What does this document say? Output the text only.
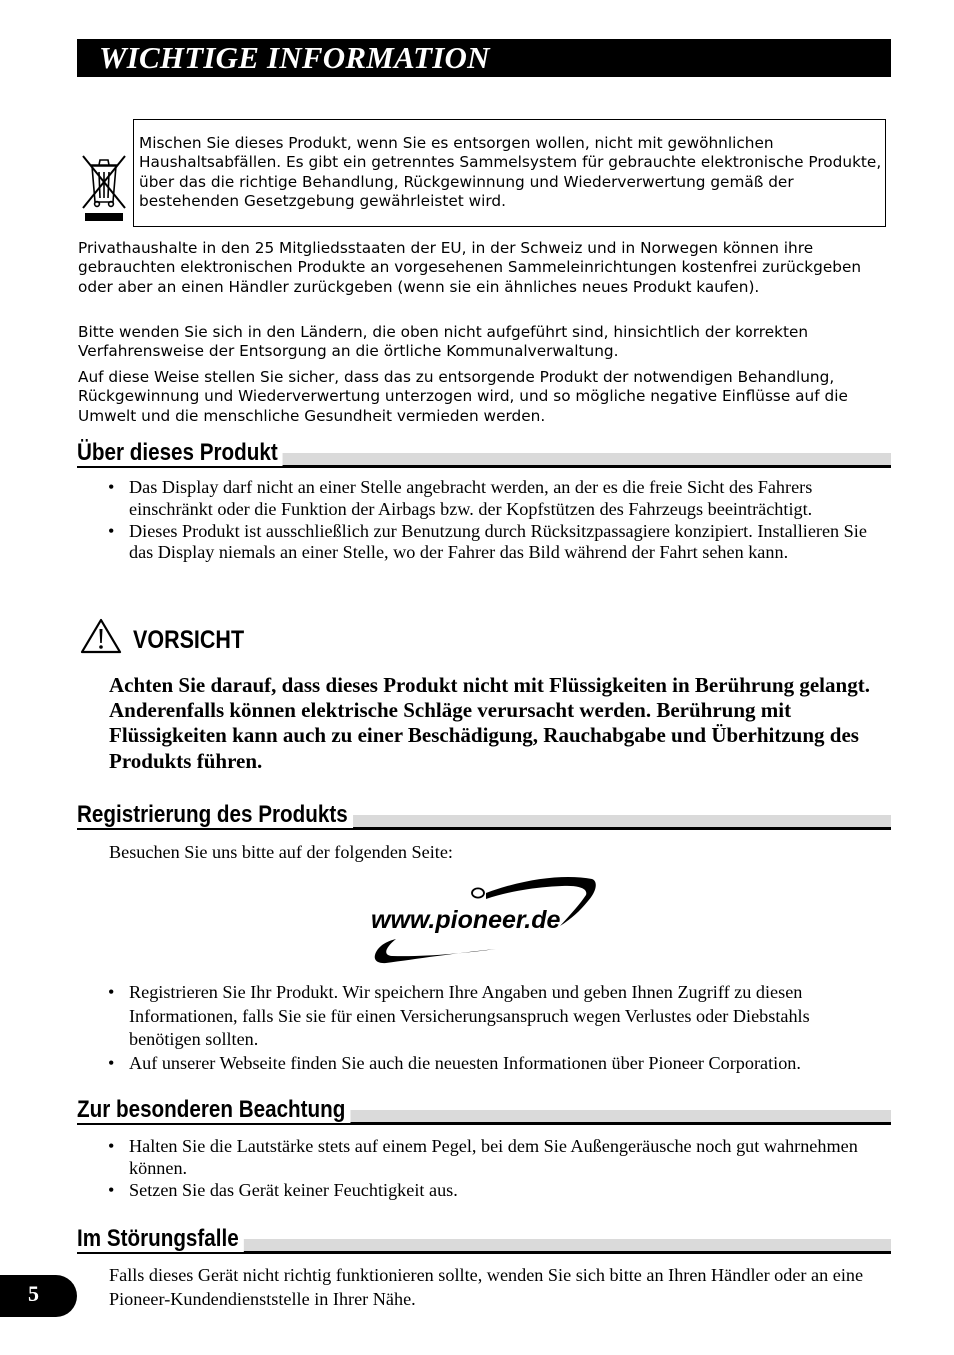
WICHTIGE INFORMATION

Mischen Sie dieses Produkt, wenn Sie es entsorgen wollen, nicht mit gewöhnlichen Haushaltsabfällen. Es gibt ein getrenntes Sammelsystem für gebrauchte elektronische Produkte, über das die richtige Behandlung, Rückgewinnung und Wiederverwertung gemäß der bestehenden Gesetzgebung gewährleistet wird.

Privathaushalte in den 25 Mitgliedsstaaten der EU, in der Schweiz und in Norwegen können ihre gebrauchten elektronischen Produkte an vorgesehenen Sammeleinrichtungen kostenfrei zurückgeben oder aber an einen Händler zurückgeben (wenn sie ein ähnliches neues Produkt kaufen).

Bitte wenden Sie sich in den Ländern, die oben nicht aufgeführt sind, hinsichtlich der korrekten Verfahrensweise der Entsorgung an die örtliche Kommunalverwaltung.

Auf diese Weise stellen Sie sicher, dass das zu entsorgende Produkt der notwendigen Behandlung, Rückgewinnung und Wiederverwertung unterzogen wird, und so mögliche negative Einflüsse auf die Umwelt und die menschliche Gesundheit vermieden werden.

Über dieses Produkt
• Das Display darf nicht an einer Stelle angebracht werden, an der es die freie Sicht des Fahrers einschränkt oder die Funktion der Airbags bzw. der Kopfstützen des Fahrzeugs beeinträchtigt.
• Dieses Produkt ist ausschließlich zur Benutzung durch Rücksitzpassagiere konzipiert. Installieren Sie das Display niemals an einer Stelle, wo der Fahrer das Bild während der Fahrt sehen kann.
VORSICHT

Achten Sie darauf, dass dieses Produkt nicht mit Flüssigkeiten in Berührung gelangt. Anderenfalls können elektrische Schläge verursacht werden. Berührung mit Flüssigkeiten kann auch zu einer Beschädigung, Rauchabgabe und Überhitzung des Produkts führen.

Registrierung des Produkts

Besuchen Sie uns bitte auf der folgenden Seite:

www.pioneer.de
• Registrieren Sie Ihr Produkt. Wir speichern Ihre Angaben und geben Ihnen Zugriff zu diesen Informationen, falls Sie sie für einen Versicherungsanspruch wegen Verlustes oder Diebstahls benötigen sollten.
• Auf unserer Webseite finden Sie auch die neuesten Informationen über Pioneer Corporation.
Zur besonderen Beachtung
• Halten Sie die Lautstärke stets auf einem Pegel, bei dem Sie Außengeräusche noch gut wahrnehmen können.
• Setzen Sie das Gerät keiner Feuchtigkeit aus.
Im Störungsfalle

Falls dieses Gerät nicht richtig funktionieren sollte, wenden Sie sich bitte an Ihren Händler oder an eine Pioneer-Kundendienststelle in Ihrer Nähe.

5
